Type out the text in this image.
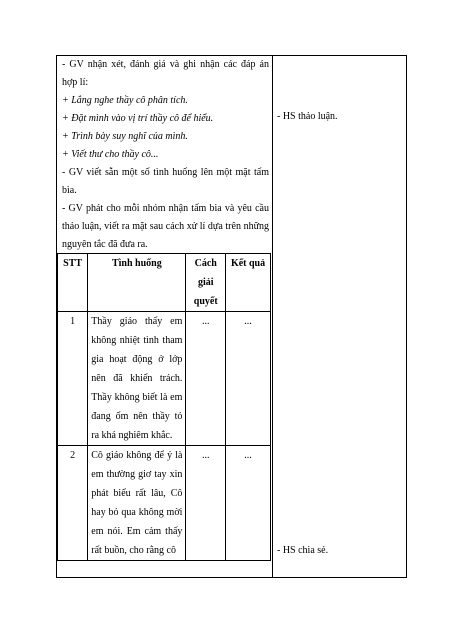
- GV nhận xét, đánh giá và ghi nhận các đáp án hợp lí:

+ Lắng nghe thầy cô phân tích.

+ Đặt mình vào vị trí thầy cô để hiểu.

+ Trình bày suy nghĩ của mình.

+ Viết thư cho thầy cô...

- GV viết sẵn một số tình huống lên một mặt tấm bìa.

- GV phát cho mỗi nhóm nhận tấm bia và yêu cầu thảo luận, viết ra mặt sau cách xử lí dựa trên những nguyên tắc đã đưa ra.

STT	Tình huống	Cách giải quyết	Kết quả
1	Thầy giáo thấy em không nhiệt tình tham gia hoạt động ở lớp nên đã khiển trách. Thầy không biết là em đang ốm nên thầy tỏ ra khá nghiêm khắc.	...	...
2	Cô giáo không để ý là em thường giơ tay xin phát biểu rất lâu, Cô hay bỏ qua không mời em nói. Em cảm thấy rất buồn, cho rằng cô	...	...
- HS thảo luận.
- HS chia sẻ.
